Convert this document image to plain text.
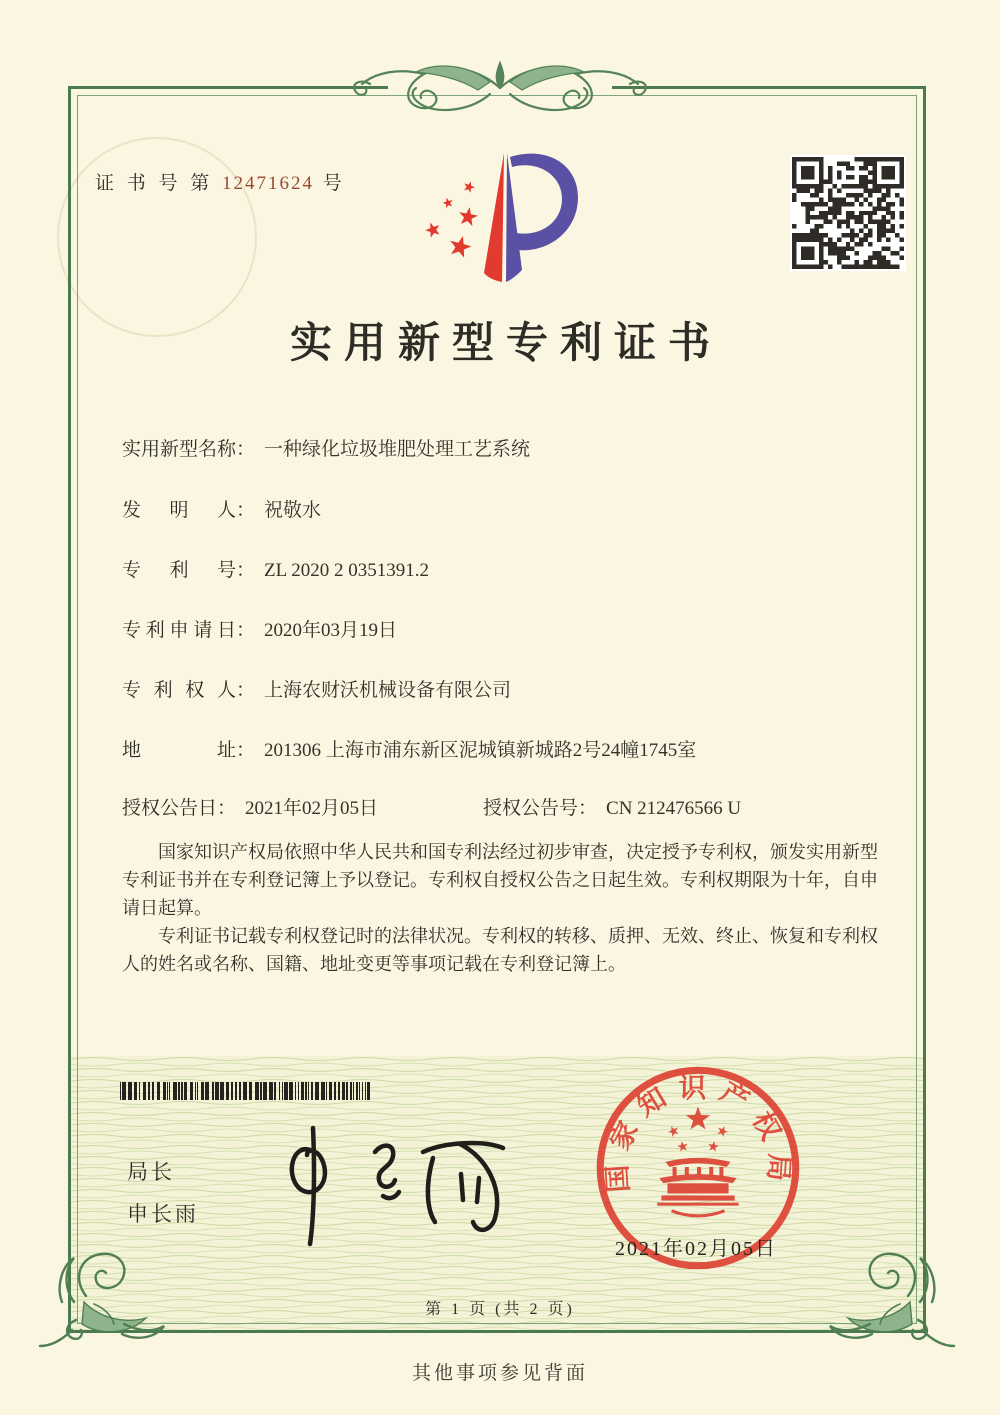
证 书 号 第 12471624 号
实用新型专利证书
实用新型名称： 一种绿化垃圾堆肥处理工艺系统
发明人： 祝敬水
专利号： ZL 2020 2 0351391.2
专利申请日： 2020年03月19日
专利权人： 上海农财沃机械设备有限公司
地址： 201306 上海市浦东新区泥城镇新城路2号24幢1745室
授权公告日： 2021年02月05日	授权公告号： CN 212476566 U

国家知识产权局依照中华人民共和国专利法经过初步审查，决定授予专利权，颁发实用新型专利证书并在专利登记簿上予以登记。专利权自授权公告之日起生效。专利权期限为十年，自申请日起算。

专利证书记载专利权登记时的法律状况。专利权的转移、质押、无效、终止、恢复和专利权人的姓名或名称、国籍、地址变更等事项记载在专利登记簿上。

局长
申长雨
国家知识产权局
2021年02月05日
第 1 页 (共 2 页)
其他事项参见背面
